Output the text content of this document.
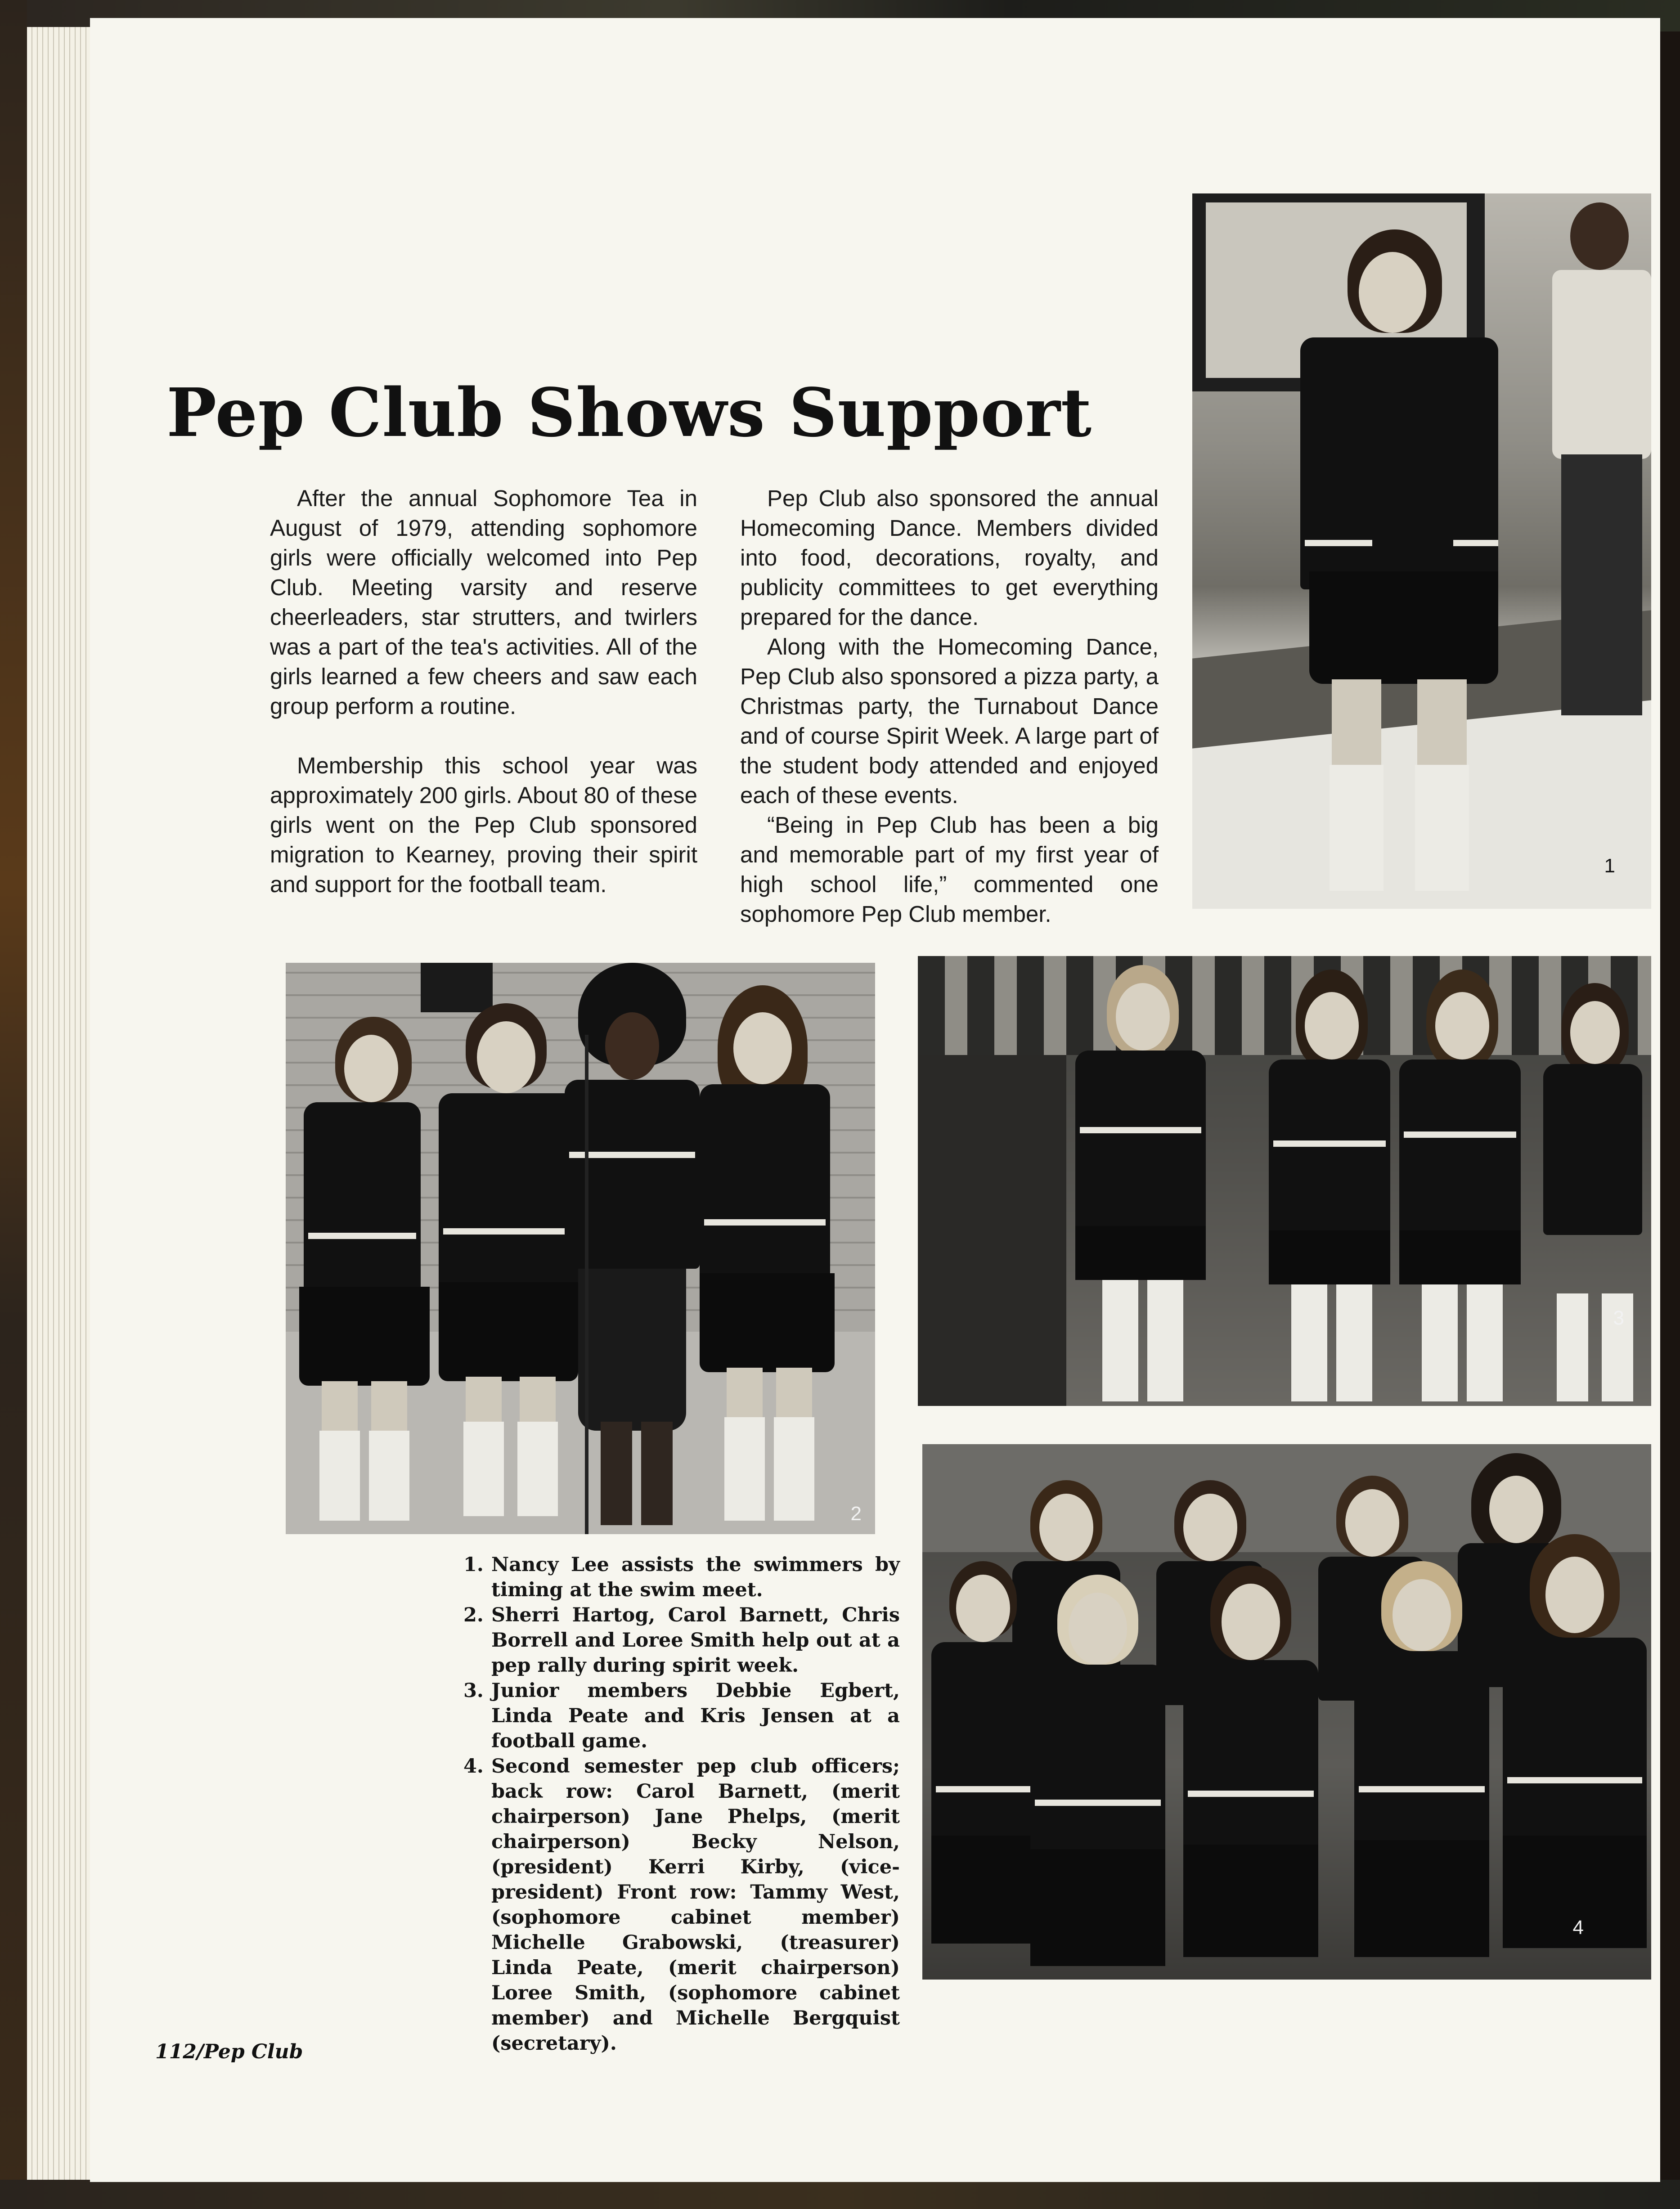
Pep Club Shows Support

After the annual Sophomore Tea in August of 1979, attending sophomore girls were officially welcomed into Pep Club. Meeting varsity and reserve cheerleaders, star strutters, and twirlers was a part of the tea's activities. All of the girls learned a few cheers and saw each group perform a routine.

Membership this school year was approximately 200 girls. About 80 of these girls went on the Pep Club sponsored migration to Kearney, proving their spirit and support for the football team.

Pep Club also sponsored the annual Homecoming Dance. Members divided into food, decorations, royalty, and publicity committees to get everything prepared for the dance.

Along with the Homecoming Dance, Pep Club also sponsored a pizza party, a Christmas party, the Turnabout Dance and of course Spirit Week. A large part of the student body attended and enjoyed each of these events.

“Being in Pep Club has been a big and memorable part of my first year of high school life,” commented one sophomore Pep Club member.

1
2
3
4
1. Nancy Lee assists the swimmers by timing at the swim meet.
2. Sherri Hartog, Carol Barnett, Chris Borrell and Loree Smith help out at a pep rally during spirit week.
3. Junior members Debbie Egbert, Linda Peate and Kris Jensen at a football game.
4. Second semester pep club officers; back row: Carol Barnett, (merit chairperson) Jane Phelps, (merit chairperson) Becky Nelson, (president) Kerri Kirby, (vice-president) Front row: Tammy West, (sophomore cabinet member) Michelle Grabowski, (treasurer) Linda Peate, (merit chairperson) Loree Smith, (sophomore cabinet member) and Michelle Bergquist (secretary).

112/Pep Club
